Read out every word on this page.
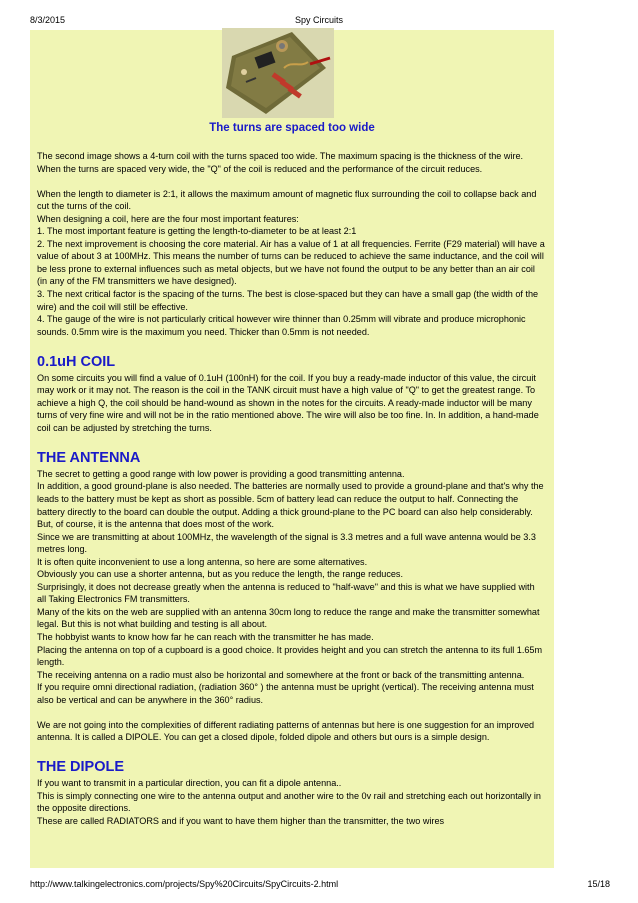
8/3/2015	Spy Circuits
The turns are spaced too wide

The second image shows a 4-turn coil with the turns spaced too wide. The maximum spacing is the thickness of the wire. When the turns are spaced very wide, the "Q" of the coil is reduced and the performance of the circuit reduces.

When the length to diameter is 2:1, it allows the maximum amount of magnetic flux surrounding the coil to collapse back and cut the turns of the coil.

When designing a coil, here are the four most important features:

1. The most important feature is getting the length-to-diameter to be at least 2:1

2. The next improvement is choosing the core material. Air has a value of 1 at all frequencies. Ferrite (F29 material) will have a value of about 3 at 100MHz. This means the number of turns can be reduced to achieve the same inductance, and the coil will be less prone to external influences such as metal objects, but we have not found the output to be any better than an air coil (in any of the FM transmitters we have designed).

3. The next critical factor is the spacing of the turns. The best is close-spaced but they can have a small gap (the width of the wire) and the coil will still be effective.

4. The gauge of the wire is not particularly critical however wire thinner than 0.25mm will vibrate and produce microphonic sounds. 0.5mm wire is the maximum you need. Thicker than 0.5mm is not needed.

0.1uH COIL

On some circuits you will find a value of 0.1uH (100nH) for the coil. If you buy a ready-made inductor of this value, the circuit may work or it may not. The reason is the coil in the TANK circuit must have a high value of "Q" to get the greatest range. To achieve a high Q, the coil should be hand-wound as shown in the notes for the circuits. A ready-made inductor will be many turns of very fine wire and will not be in the ratio mentioned above. The wire will also be too fine. In. In addition, a hand-made coil can be adjusted by stretching the turns.

THE ANTENNA

The secret to getting a good range with low power is providing a good transmitting antenna.

In addition, a good ground-plane is also needed. The batteries are normally used to provide a ground-plane and that's why the leads to the battery must be kept as short as possible. 5cm of battery lead can reduce the output to half. Connecting the battery directly to the board can double the output. Adding a thick ground-plane to the PC board can also help considerably.

But, of course, it is the antenna that does most of the work.

Since we are transmitting at about 100MHz, the wavelength of the signal is 3.3 metres and a full wave antenna would be 3.3 metres long.

It is often quite inconvenient to use a long antenna, so here are some alternatives.

Obviously you can use a shorter antenna, but as you reduce the length, the range reduces.

Surprisingly, it does not decrease greatly when the antenna is reduced to "half-wave" and this is what we have supplied with all Taking Electronics FM transmitters.

Many of the kits on the web are supplied with an antenna 30cm long to reduce the range and make the transmitter somewhat legal. But this is not what building and testing is all about.

The hobbyist wants to know how far he can reach with the transmitter he has made.

Placing the antenna on top of a cupboard is a good choice. It provides height and you can stretch the antenna to its full 1.65m length.

The receiving antenna on a radio must also be horizontal and somewhere at the front or back of the transmitting antenna.

If you require omni directional radiation, (radiation 360° ) the antenna must be upright (vertical). The receiving antenna must also be vertical and can be anywhere in the 360° radius.

We are not going into the complexities of different radiating patterns of antennas but here is one suggestion for an improved antenna. It is called a DIPOLE. You can get a closed dipole, folded dipole and others but ours is a simple design.

THE DIPOLE

If you want to transmit in a particular direction, you can fit a dipole antenna..

This is simply connecting one wire to the antenna output and another wire to the 0v rail and stretching each out horizontally in the opposite directions.

These are called RADIATORS and if you want to have them higher than the transmitter, the two wires

http://www.talkingelectronics.com/projects/Spy%20Circuits/SpyCircuits-2.html	15/18
